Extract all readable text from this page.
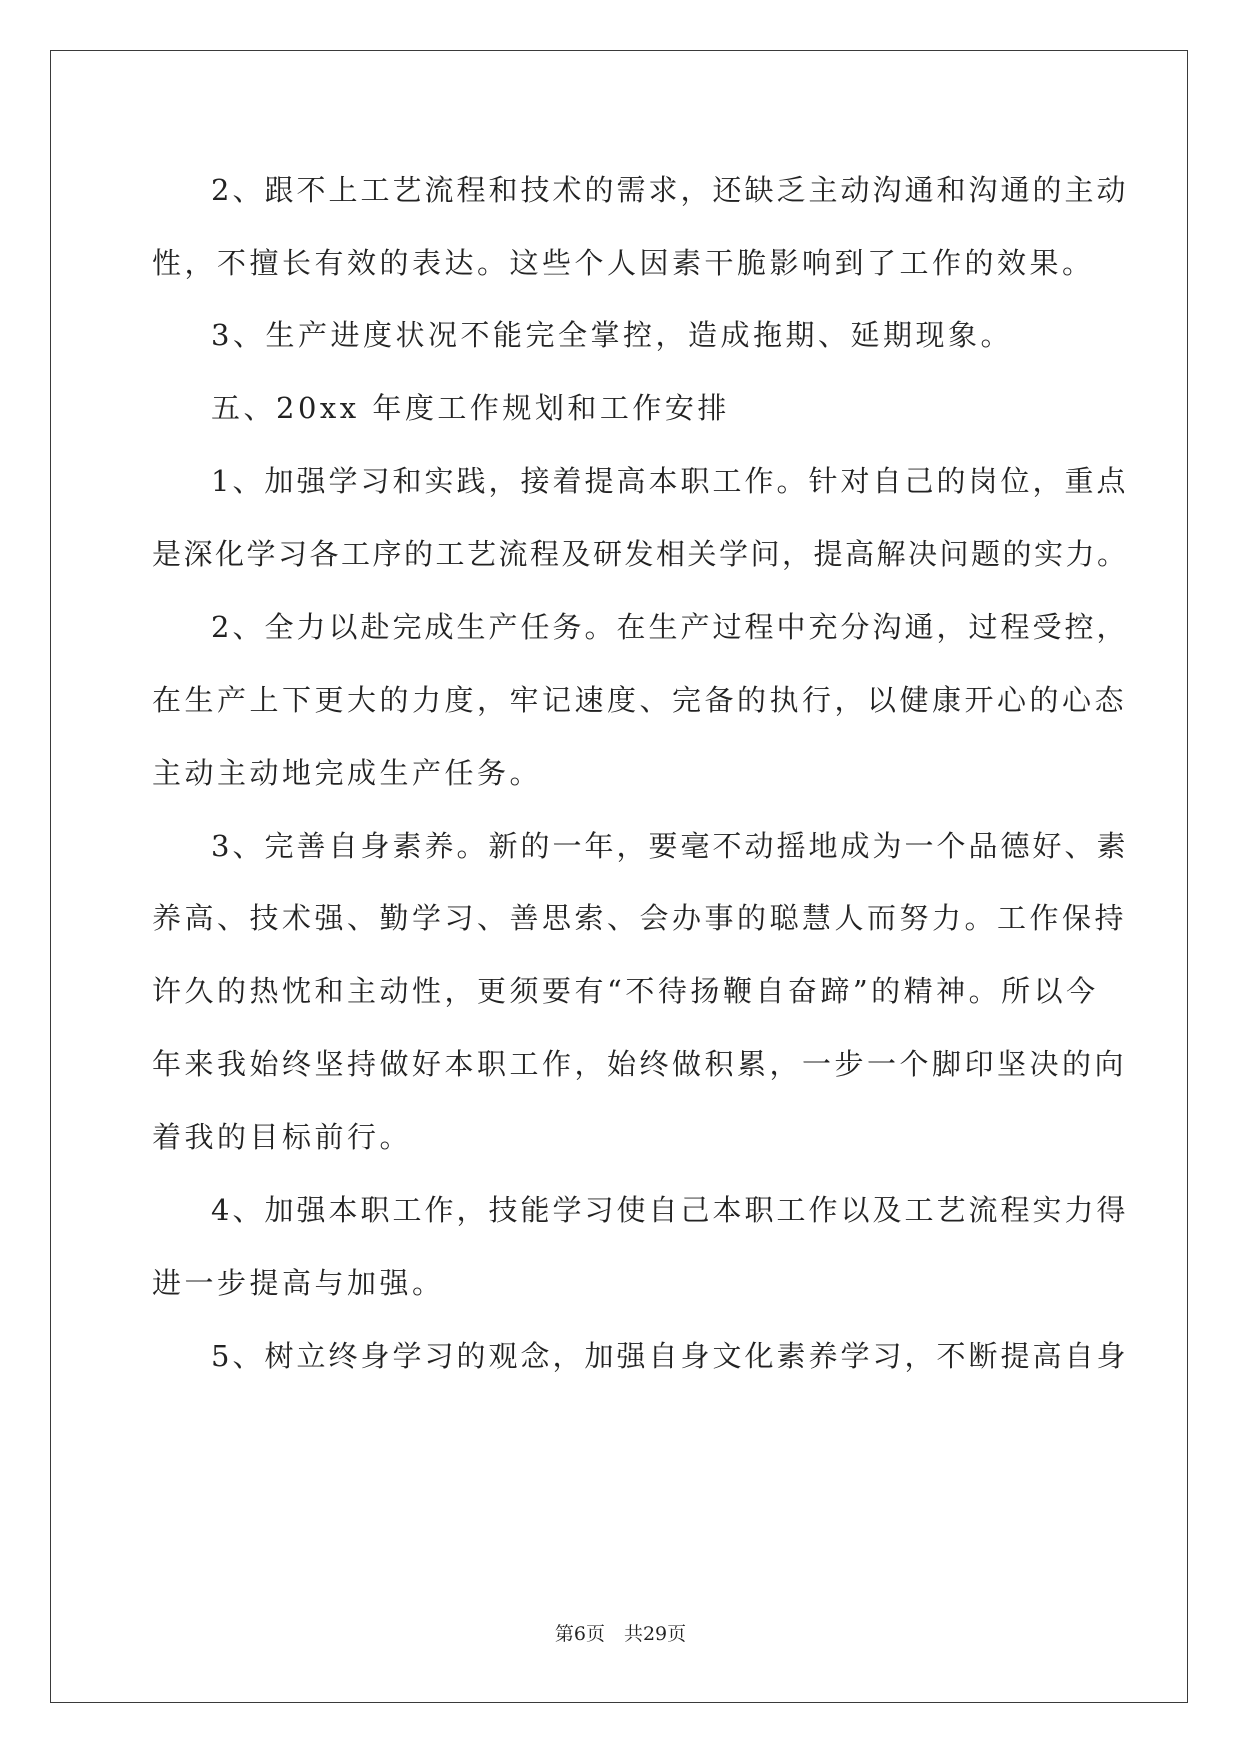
2、跟不上工艺流程和技术的需求，还缺乏主动沟通和沟通的主动
性，不擅长有效的表达。这些个人因素干脆影响到了工作的效果。
3、生产进度状况不能完全掌控，造成拖期、延期现象。
五、20xx 年度工作规划和工作安排
1、加强学习和实践，接着提高本职工作。针对自己的岗位，重点
是深化学习各工序的工艺流程及研发相关学问，提高解决问题的实力。
2、全力以赴完成生产任务。在生产过程中充分沟通，过程受控，
在生产上下更大的力度，牢记速度、完备的执行，以健康开心的心态
主动主动地完成生产任务。
3、完善自身素养。新的一年，要毫不动摇地成为一个品德好、素
养高、技术强、勤学习、善思索、会办事的聪慧人而努力。工作保持
许久的热忱和主动性，更须要有“不待扬鞭自奋蹄”的精神。所以今
年来我始终坚持做好本职工作，始终做积累，一步一个脚印坚决的向
着我的目标前行。
4、加强本职工作，技能学习使自己本职工作以及工艺流程实力得
进一步提高与加强。
5、树立终身学习的观念，加强自身文化素养学习，不断提高自身
第6页　共29页
